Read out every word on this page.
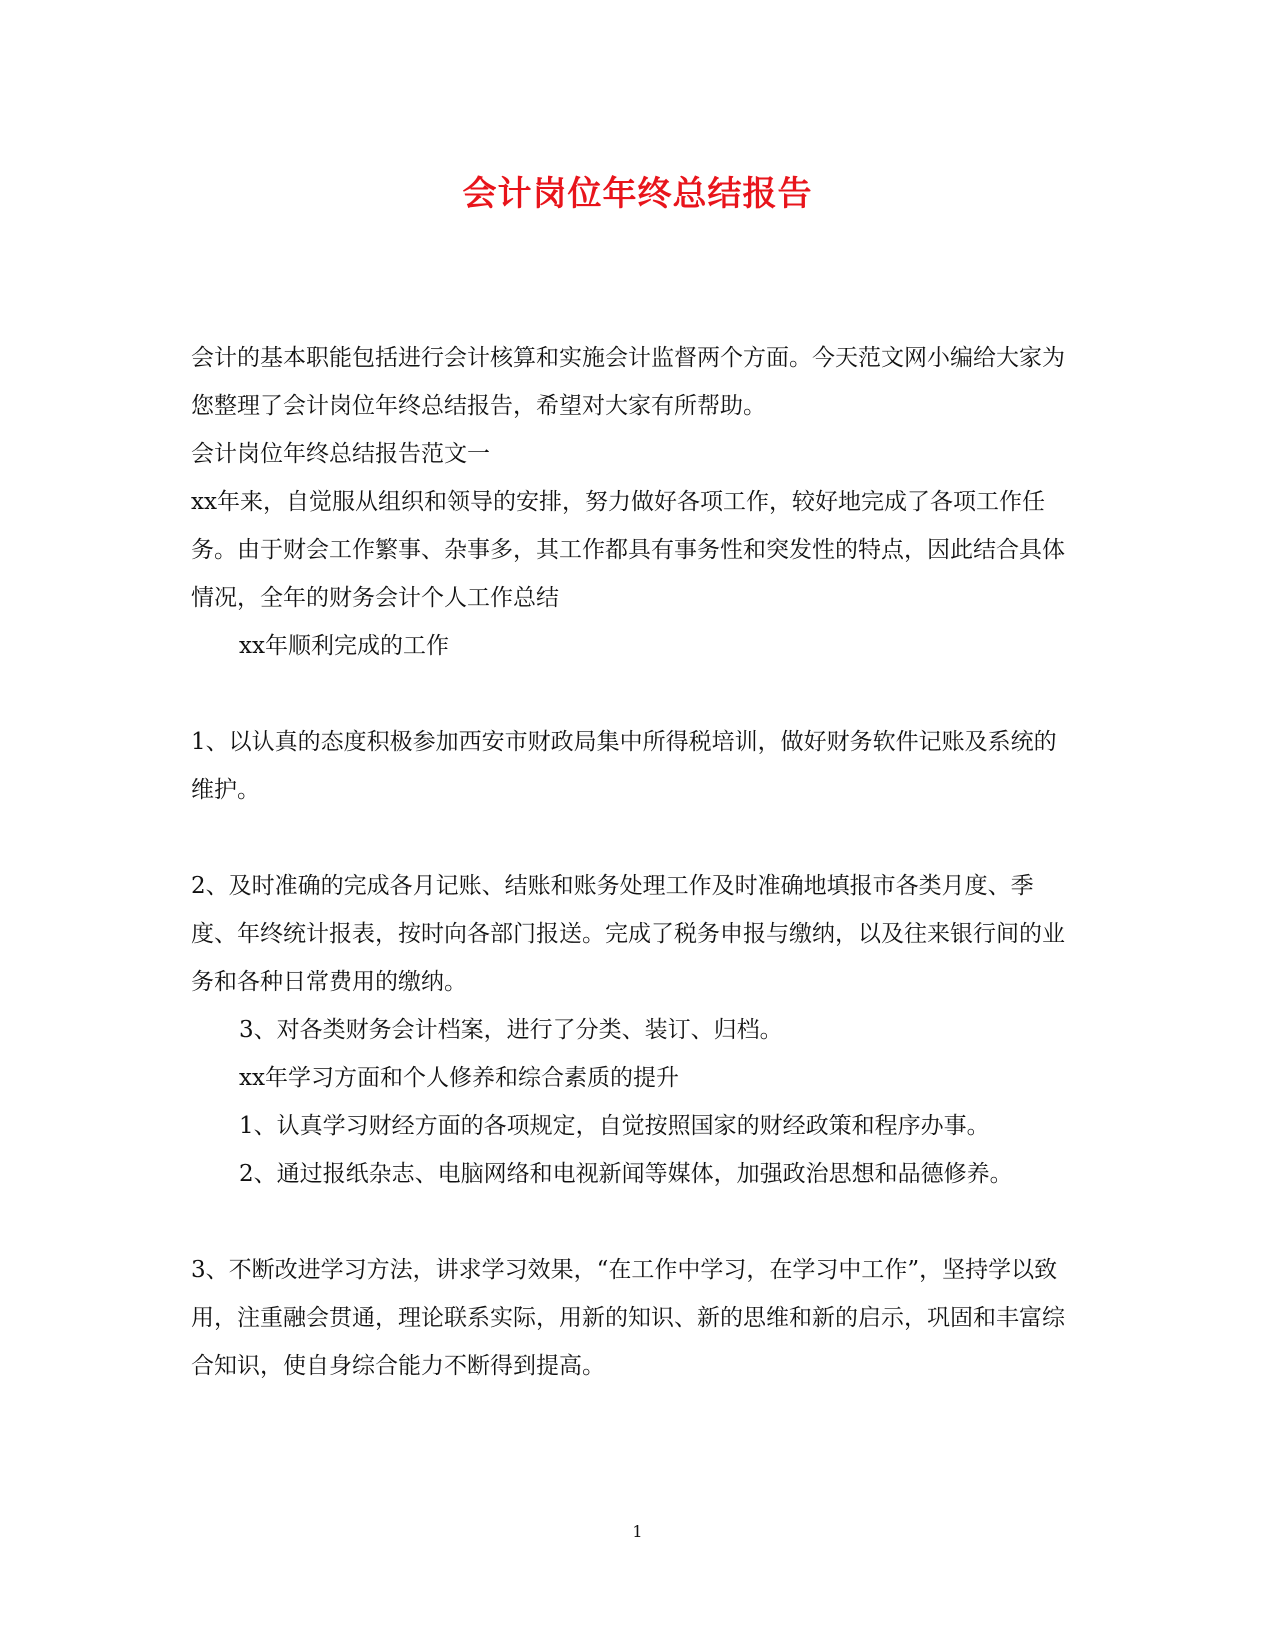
会计岗位年终总结报告

会计的基本职能包括进行会计核算和实施会计监督两个方面。今天范文网小编给大家为您整理了会计岗位年终总结报告，希望对大家有所帮助。

会计岗位年终总结报告范文一

xx年来，自觉服从组织和领导的安排，努力做好各项工作，较好地完成了各项工作任务。由于财会工作繁事、杂事多，其工作都具有事务性和突发性的特点，因此结合具体情况，全年的财务会计个人工作总结

xx年顺利完成的工作

1、以认真的态度积极参加西安市财政局集中所得税培训，做好财务软件记账及系统的维护。

2、及时准确的完成各月记账、结账和账务处理工作及时准确地填报市各类月度、季度、年终统计报表，按时向各部门报送。完成了税务申报与缴纳，以及往来银行间的业务和各种日常费用的缴纳。

3、对各类财务会计档案，进行了分类、装订、归档。

xx年学习方面和个人修养和综合素质的提升

1、认真学习财经方面的各项规定，自觉按照国家的财经政策和程序办事。

2、通过报纸杂志、电脑网络和电视新闻等媒体，加强政治思想和品德修养。

3、不断改进学习方法，讲求学习效果，“在工作中学习，在学习中工作”，坚持学以致用，注重融会贯通，理论联系实际，用新的知识、新的思维和新的启示，巩固和丰富综合知识，使自身综合能力不断得到提高。

1
